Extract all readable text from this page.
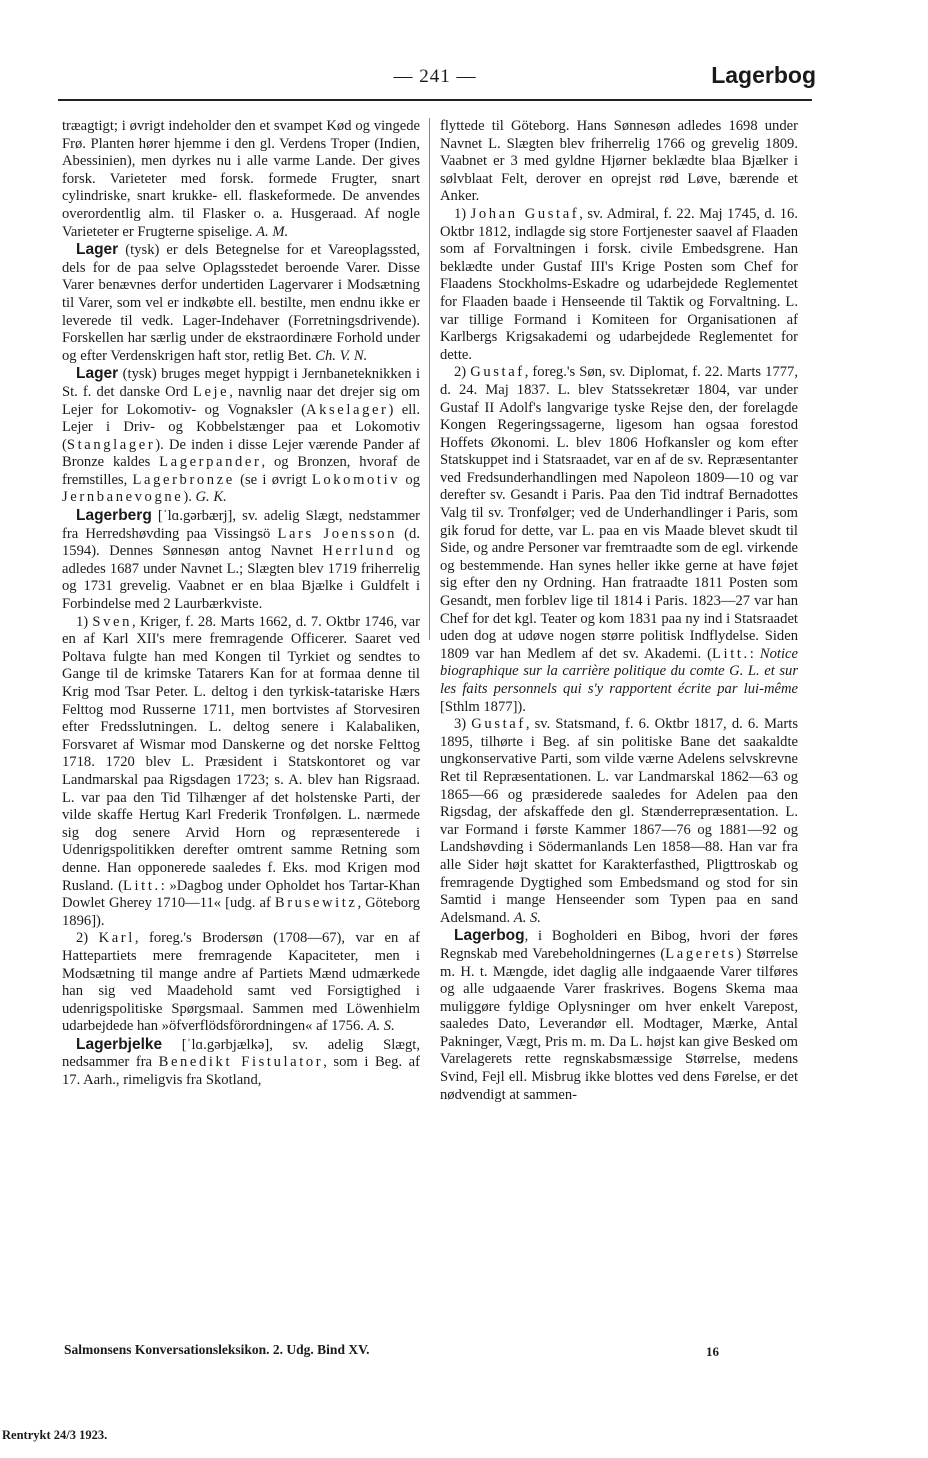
— 241 —	Lagerbog

træagtigt; i øvrigt indeholder den et svampet Kød og vingede Frø. Planten hører hjemme i den gl. Verdens Troper (Indien, Abessinien), men dyrkes nu i alle varme Lande. Der gives forsk. Varieteter med forsk. formede Frugter, snart cylindriske, snart krukke- ell. flaskeformede. De anvendes overordentlig alm. til Flasker o. a. Husgeraad. Af nogle Varieteter er Frugterne spiselige. A. M.

Lager (tysk) er dels Betegnelse for et Vareoplagssted, dels for de paa selve Oplagsstedet beroende Varer. Disse Varer benævnes derfor undertiden Lagervarer i Modsætning til Varer, som vel er indkøbte ell. bestilte, men endnu ikke er leverede til vedk. Lager-Indehaver (Forretningsdrivende). Forskellen har særlig under de ekstraordinære Forhold under og efter Verdenskrigen haft stor, retlig Bet. Ch. V. N.

Lager (tysk) bruges meget hyppigt i Jernbaneteknikken i St. f. det danske Ord Leje, navnlig naar det drejer sig om Lejer for Lokomotiv- og Vognaksler (Akselager) ell. Lejer i Driv- og Kobbelstænger paa et Lokomotiv (Stanglager). De inden i disse Lejer værende Pander af Bronze kaldes Lagerpander, og Bronzen, hvoraf de fremstilles, Lagerbronze (se i øvrigt Lokomotiv og Jernbanevogne). G. K.

Lagerberg [ˈlɑ.gərbærj], sv. adelig Slægt, nedstammer fra Herredshøvding paa Vissingsö Lars Joensson (d. 1594). Dennes Sønnesøn antog Navnet Herrlund og adledes 1687 under Navnet L.; Slægten blev 1719 friherrelig og 1731 grevelig. Vaabnet er en blaa Bjælke i Guldfelt i Forbindelse med 2 Laurbærkviste.

1) Sven, Kriger, f. 28. Marts 1662, d. 7. Oktbr 1746, var en af Karl XII's mere fremragende Officerer. Saaret ved Poltava fulgte han med Kongen til Tyrkiet og sendtes to Gange til de krimske Tatarers Kan for at formaa denne til Krig mod Tsar Peter. L. deltog i den tyrkisk-tatariske Hærs Felttog mod Russerne 1711, men bortvistes af Storvesiren efter Fredsslutningen. L. deltog senere i Kalabaliken, Forsvaret af Wismar mod Danskerne og det norske Felttog 1718. 1720 blev L. Præsident i Statskontoret og var Landmarskal paa Rigsdagen 1723; s. A. blev han Rigsraad. L. var paa den Tid Tilhænger af det holstenske Parti, der vilde skaffe Hertug Karl Frederik Tronfølgen. L. nærmede sig dog senere Arvid Horn og repræsenterede i Udenrigspolitikken derefter omtrent samme Retning som denne. Han opponerede saaledes f. Eks. mod Krigen mod Rusland. (Litt.: »Dagbog under Opholdet hos Tartar-Khan Dowlet Gherey 1710—11« [udg. af Brusewitz, Göteborg 1896]).

2) Karl, foreg.'s Brodersøn (1708—67), var en af Hattepartiets mere fremragende Kapaciteter, men i Modsætning til mange andre af Partiets Mænd udmærkede han sig ved Maadehold samt ved Forsigtighed i udenrigspolitiske Spørgsmaal. Sammen med Löwenhielm udarbejdede han »öfverflödsförordningen« af 1756. A. S.

Lagerbjelke [ˈlɑ.gərbjælkə], sv. adelig Slægt, nedsammer fra Benedikt Fistulator, som i Beg. af 17. Aarh., rimeligvis fra Skotland,

flyttede til Göteborg. Hans Sønnesøn adledes 1698 under Navnet L. Slægten blev friherrelig 1766 og grevelig 1809. Vaabnet er 3 med gyldne Hjørner beklædte blaa Bjælker i sølvblaat Felt, derover en oprejst rød Løve, bærende et Anker.

1) Johan Gustaf, sv. Admiral, f. 22. Maj 1745, d. 16. Oktbr 1812, indlagde sig store Fortjenester saavel af Flaaden som af Forvaltningen i forsk. civile Embedsgrene. Han beklædte under Gustaf III's Krige Posten som Chef for Flaadens Stockholms-Eskadre og udarbejdede Reglementet for Flaaden baade i Henseende til Taktik og Forvaltning. L. var tillige Formand i Komiteen for Organisationen af Karlbergs Krigsakademi og udarbejdede Reglementet for dette.

2) Gustaf, foreg.'s Søn, sv. Diplomat, f. 22. Marts 1777, d. 24. Maj 1837. L. blev Statssekretær 1804, var under Gustaf II Adolf's langvarige tyske Rejse den, der forelagde Kongen Regeringssagerne, ligesom han ogsaa forestod Hoffets Økonomi. L. blev 1806 Hofkansler og kom efter Statskuppet ind i Statsraadet, var en af de sv. Repræsentanter ved Fredsunderhandlingen med Napoleon 1809—10 og var derefter sv. Gesandt i Paris. Paa den Tid indtraf Bernadottes Valg til sv. Tronfølger; ved de Underhandlinger i Paris, som gik forud for dette, var L. paa en vis Maade blevet skudt til Side, og andre Personer var fremtraadte som de egl. virkende og bestemmende. Han synes heller ikke gerne at have føjet sig efter den ny Ordning. Han fratraadte 1811 Posten som Gesandt, men forblev lige til 1814 i Paris. 1823—27 var han Chef for det kgl. Teater og kom 1831 paa ny ind i Statsraadet uden dog at udøve nogen større politisk Indflydelse. Siden 1809 var han Medlem af det sv. Akademi. (Litt.: Notice biographique sur la carrière politique du comte G. L. et sur les faits personnels qui s'y rapportent écrite par lui-même [Sthlm 1877]).

3) Gustaf, sv. Statsmand, f. 6. Oktbr 1817, d. 6. Marts 1895, tilhørte i Beg. af sin politiske Bane det saakaldte ungkonservative Parti, som vilde værne Adelens selvskrevne Ret til Repræsentationen. L. var Landmarskal 1862—63 og 1865—66 og præsiderede saaledes for Adelen paa den Rigsdag, der afskaffede den gl. Stænderrepræsentation. L. var Formand i første Kammer 1867—76 og 1881—92 og Landshøvding i Södermanlands Len 1858—88. Han var fra alle Sider højt skattet for Karakterfasthed, Pligttroskab og fremragende Dygtighed som Embedsmand og stod for sin Samtid i mange Henseender som Typen paa en sand Adelsmand. A. S.

Lagerbog, i Bogholderi en Bibog, hvori der føres Regnskab med Varebeholdningernes (Lagerets) Størrelse m. H. t. Mængde, idet daglig alle indgaaende Varer tilføres og alle udgaaende Varer fraskrives. Bogens Skema maa muliggøre fyldige Oplysninger om hver enkelt Varepost, saaledes Dato, Leverandør ell. Modtager, Mærke, Antal Pakninger, Vægt, Pris m. m. Da L. højst kan give Besked om Varelagerets rette regnskabsmæssige Størrelse, medens Svind, Fejl ell. Misbrug ikke blottes ved dens Førelse, er det nødvendigt at sammen-

Salmonsens Konversationsleksikon. 2. Udg. Bind XV.	16
Rentrykt 24/3 1923.
